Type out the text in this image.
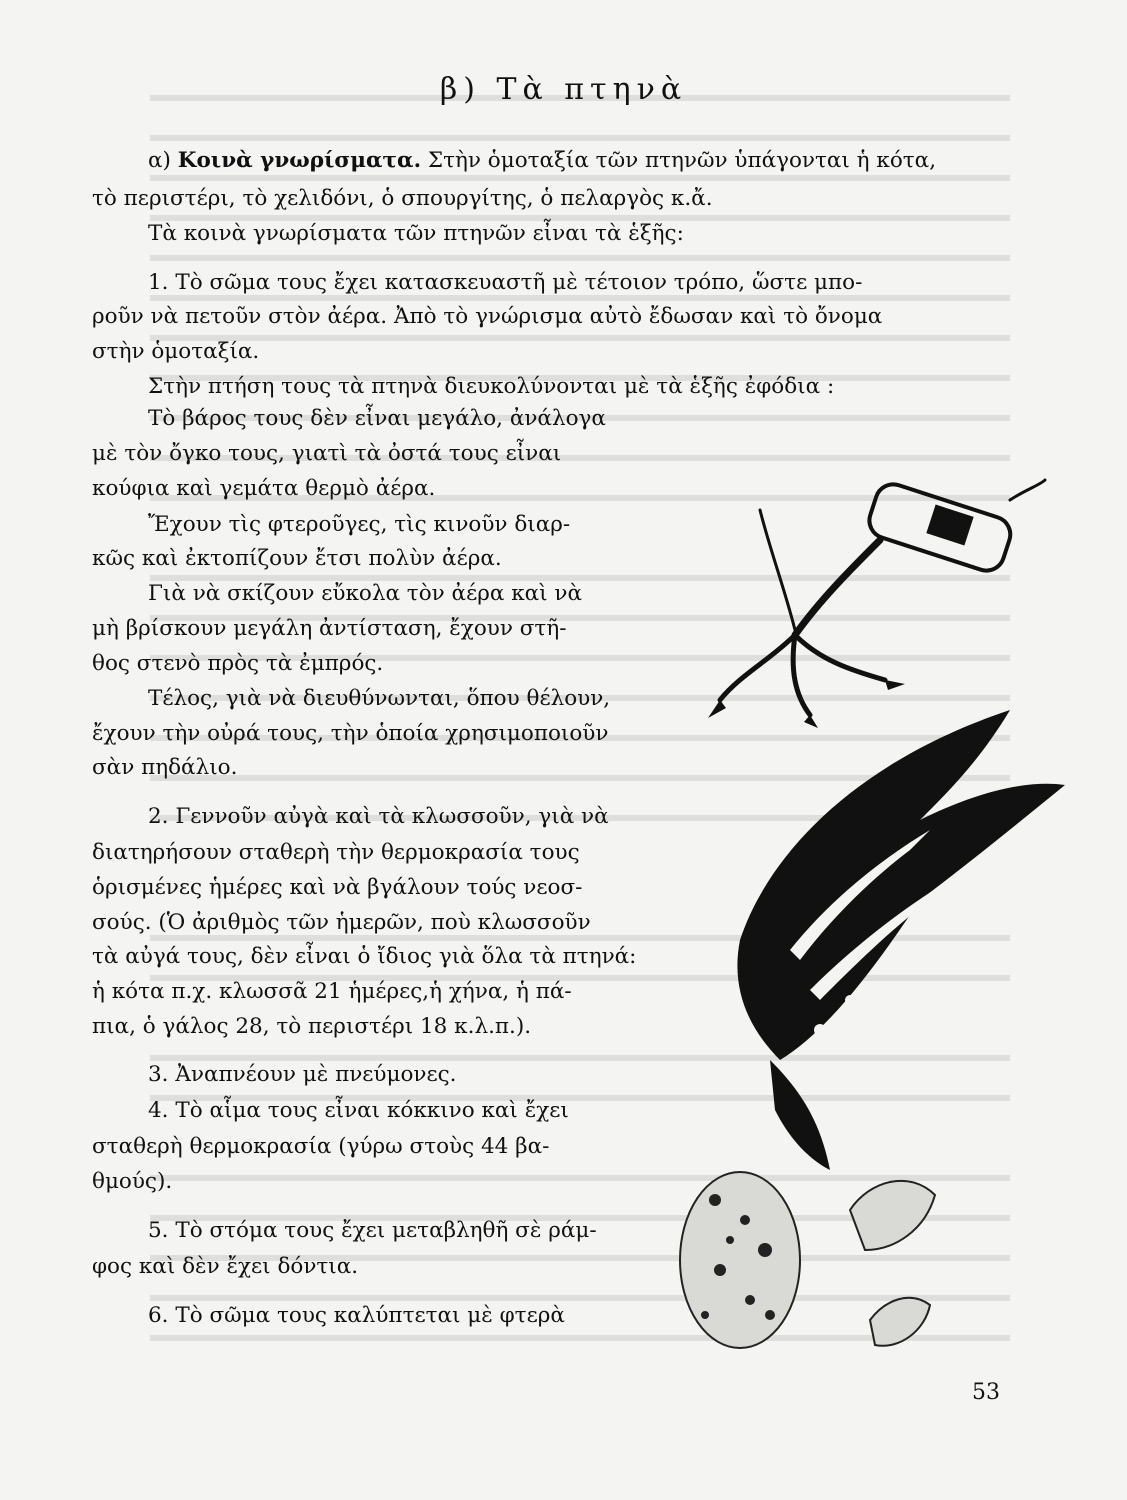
β) Τὰ πτηνὰ
α) Κοινὰ γνωρίσματα. Στὴν ὁμοταξία τῶν πτηνῶν ὑπάγονται ἡ κότα,
τὸ περιστέρι, τὸ χελιδόνι, ὁ σπουργίτης, ὁ πελαργὸς κ.ἄ.
Τὰ κοινὰ γνωρίσματα τῶν πτηνῶν εἶναι τὰ ἑξῆς:
1. Τὸ σῶμα τους ἔχει κατασκευαστῆ μὲ τέτοιον τρόπο, ὥστε μπο-
ροῦν νὰ πετοῦν στὸν ἀέρα. Ἀπὸ τὸ γνώρισμα αὐτὸ ἔδωσαν καὶ τὸ ὄνομα
στὴν ὁμοταξία.
Στὴν πτήση τους τὰ πτηνὰ διευκολύνονται μὲ τὰ ἑξῆς ἐφόδια :
Τὸ βάρος τους δὲν εἶναι μεγάλο, ἀνάλογα
μὲ τὸν ὄγκο τους, γιατὶ τὰ ὀστά τους εἶναι
κούφια καὶ γεμάτα θερμὸ ἀέρα.
Ἔχουν τὶς φτεροῦγες, τὶς κινοῦν διαρ-
κῶς καὶ ἐκτοπίζουν ἔτσι πολὺν ἀέρα.
Γιὰ νὰ σκίζουν εὔκολα τὸν ἀέρα καὶ νὰ
μὴ βρίσκουν μεγάλη ἀντίσταση, ἔχουν στῆ-
θος στενὸ πρὸς τὰ ἐμπρός.
Τέλος, γιὰ νὰ διευθύνωνται, ὅπου θέλουν,
ἔχουν τὴν οὐρά τους, τὴν ὁποία χρησιμοποιοῦν
σὰν πηδάλιο.
2. Γεννοῦν αὐγὰ καὶ τὰ κλωσσοῦν, γιὰ νὰ
διατηρήσουν σταθερὴ τὴν θερμοκρασία τους
ὁρισμένες ἡμέρες καὶ νὰ βγάλουν τούς νεοσ-
σούς. (Ὁ ἀριθμὸς τῶν ἡμερῶν, ποὺ κλωσσοῦν
τὰ αὐγά τους, δὲν εἶναι ὁ ἴδιος γιὰ ὅλα τὰ πτηνά:
ἡ κότα π.χ. κλωσσᾶ 21 ἡμέρες,ἡ χήνα, ἡ πά-
πια, ὁ γάλος 28, τὸ περιστέρι 18 κ.λ.π.).
3. Ἀναπνέουν μὲ πνεύμονες.
4. Τὸ αἷμα τους εἶναι κόκκινο καὶ ἔχει
σταθερὴ θερμοκρασία (γύρω στοὺς 44 βα-
θμούς).
5. Τὸ στόμα τους ἔχει μεταβληθῆ σὲ ράμ-
φος καὶ δὲν ἔχει δόντια.
6. Τὸ σῶμα τους καλύπτεται μὲ φτερὰ
53
